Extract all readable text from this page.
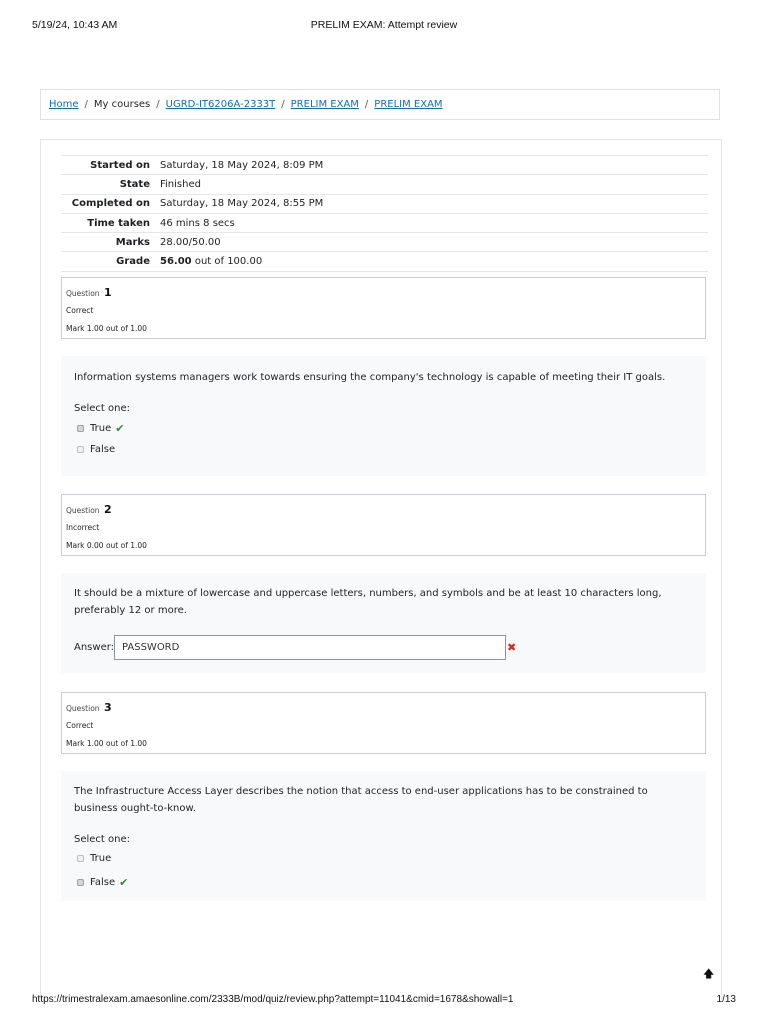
5/19/24, 10:43 AM	PRELIM EXAM: Attempt review
Home / My courses / UGRD-IT6206A-2333T / PRELIM EXAM / PRELIM EXAM
Started on	Saturday, 18 May 2024, 8:09 PM
State	Finished
Completed on	Saturday, 18 May 2024, 8:55 PM
Time taken	46 mins 8 secs
Marks	28.00/50.00
Grade	56.00 out of 100.00
Question 1
Correct
Mark 1.00 out of 1.00
Information systems managers work towards ensuring the company's technology is capable of meeting their IT goals.
Select one:
True ✔
False
Question 2
Incorrect
Mark 0.00 out of 1.00
It should be a mixture of lowercase and uppercase letters, numbers, and symbols and be at least 10 characters long, preferably 12 or more.
Answer: PASSWORD	✖
Question 3
Correct
Mark 1.00 out of 1.00
The Infrastructure Access Layer describes the notion that access to end-user applications has to be constrained to business ought-to-know.
Select one:
True
False ✔
🡅
https://trimestralexam.amaesonline.com/2333B/mod/quiz/review.php?attempt=11041&cmid=1678&showall=1	1/13
